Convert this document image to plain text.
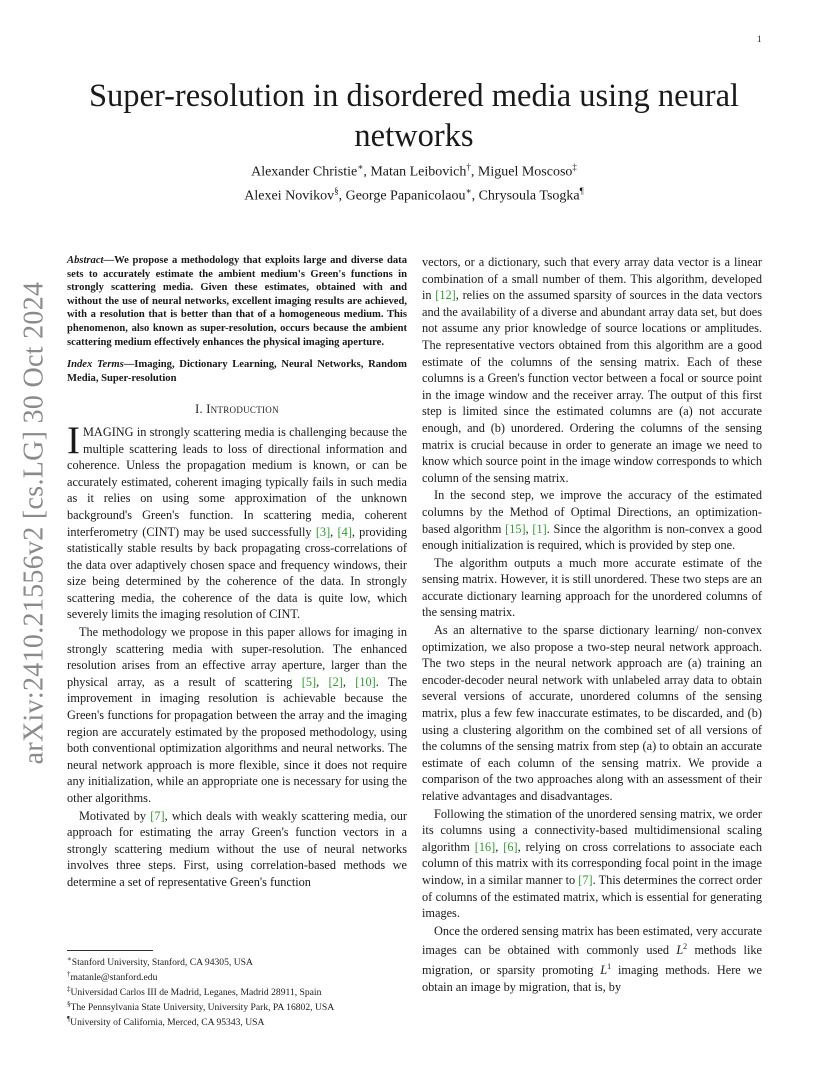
1
arXiv:2410.21556v2 [cs.LG] 30 Oct 2024
Super-resolution in disordered media using neural networks
Alexander Christie∗, Matan Leibovich†, Miguel Moscoso‡
Alexei Novikov§, George Papanicolaou∗, Chrysoula Tsogka¶
Abstract—We propose a methodology that exploits large and diverse data sets to accurately estimate the ambient medium's Green's functions in strongly scattering media. Given these estimates, obtained with and without the use of neural networks, excellent imaging results are achieved, with a resolution that is better than that of a homogeneous medium. This phenomenon, also known as super-resolution, occurs because the ambient scattering medium effectively enhances the physical imaging aperture.
Index Terms—Imaging, Dictionary Learning, Neural Networks, Random Media, Super-resolution
I. Introduction

IMAGING in strongly scattering media is challenging because the multiple scattering leads to loss of directional information and coherence. Unless the propagation medium is known, or can be accurately estimated, coherent imaging typically fails in such media as it relies on using some approximation of the unknown background's Green's function. In scattering media, coherent interferometry (CINT) may be used successfully [3], [4], providing statistically stable results by back propagating cross-correlations of the data over adaptively chosen space and frequency windows, their size being determined by the coherence of the data. In strongly scattering media, the coherence of the data is quite low, which severely limits the imaging resolution of CINT.

The methodology we propose in this paper allows for imaging in strongly scattering media with super-resolution. The enhanced resolution arises from an effective array aperture, larger than the physical array, as a result of scattering [5], [2], [10]. The improvement in imaging resolution is achievable because the Green's functions for propagation between the array and the imaging region are accurately estimated by the proposed methodology, using both conventional optimization algorithms and neural networks. The neural network approach is more flexible, since it does not require any initialization, while an appropriate one is necessary for using the other algorithms.

Motivated by [7], which deals with weakly scattering media, our approach for estimating the array Green's function vectors in a strongly scattering medium without the use of neural networks involves three steps. First, using correlation-based methods we determine a set of representative Green's function

vectors, or a dictionary, such that every array data vector is a linear combination of a small number of them. This algorithm, developed in [12], relies on the assumed sparsity of sources in the data vectors and the availability of a diverse and abundant array data set, but does not assume any prior knowledge of source locations or amplitudes. The representative vectors obtained from this algorithm are a good estimate of the columns of the sensing matrix. Each of these columns is a Green's function vector between a focal or source point in the image window and the receiver array. The output of this first step is limited since the estimated columns are (a) not accurate enough, and (b) unordered. Ordering the columns of the sensing matrix is crucial because in order to generate an image we need to know which source point in the image window corresponds to which column of the sensing matrix.

In the second step, we improve the accuracy of the estimated columns by the Method of Optimal Directions, an optimization-based algorithm [15], [1]. Since the algorithm is non-convex a good enough initialization is required, which is provided by step one.

The algorithm outputs a much more accurate estimate of the sensing matrix. However, it is still unordered. These two steps are an accurate dictionary learning approach for the unordered columns of the sensing matrix.

As an alternative to the sparse dictionary learning/ non-convex optimization, we also propose a two-step neural network approach. The two steps in the neural network approach are (a) training an encoder-decoder neural network with unlabeled array data to obtain several versions of accurate, unordered columns of the sensing matrix, plus a few few inaccurate estimates, to be discarded, and (b) using a clustering algorithm on the combined set of all versions of the columns of the sensing matrix from step (a) to obtain an accurate estimate of each column of the sensing matrix. We provide a comparison of the two approaches along with an assessment of their relative advantages and disadvantages.

Following the stimation of the unordered sensing matrix, we order its columns using a connectivity-based multidimensional scaling algorithm [16], [6], relying on cross correlations to associate each column of this matrix with its corresponding focal point in the image window, in a similar manner to [7]. This determines the correct order of columns of the estimated matrix, which is essential for generating images.

Once the ordered sensing matrix has been estimated, very accurate images can be obtained with commonly used $L^2$ methods like migration, or sparsity promoting $L^1$ imaging methods. Here we obtain an image by migration, that is, by

∗Stanford University, Stanford, CA 94305, USA
†matanle@stanford.edu
‡Universidad Carlos III de Madrid, Leganes, Madrid 28911, Spain
§The Pennsylvania State University, University Park, PA 16802, USA
¶University of California, Merced, CA 95343, USA
